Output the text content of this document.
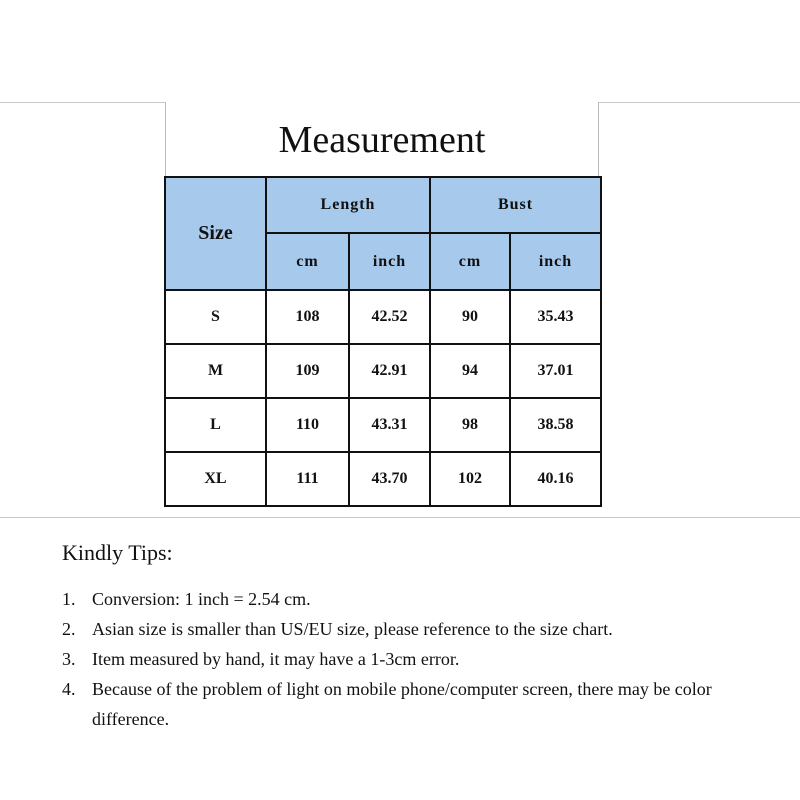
Measurement
Size	Length		Bust	
	cm	inch	cm	inch
S	108	42.52	90	35.43
M	109	42.91	94	37.01
L	110	43.31	98	38.58
XL	111	43.70	102	40.16
Kindly Tips:
1. Conversion: 1 inch = 2.54 cm.
2. Asian size is smaller than US/EU size, please reference to the size chart.
3. Item measured by hand, it may have a 1-3cm error.
4. Because of the problem of light on mobile phone/computer screen, there may be color difference.
